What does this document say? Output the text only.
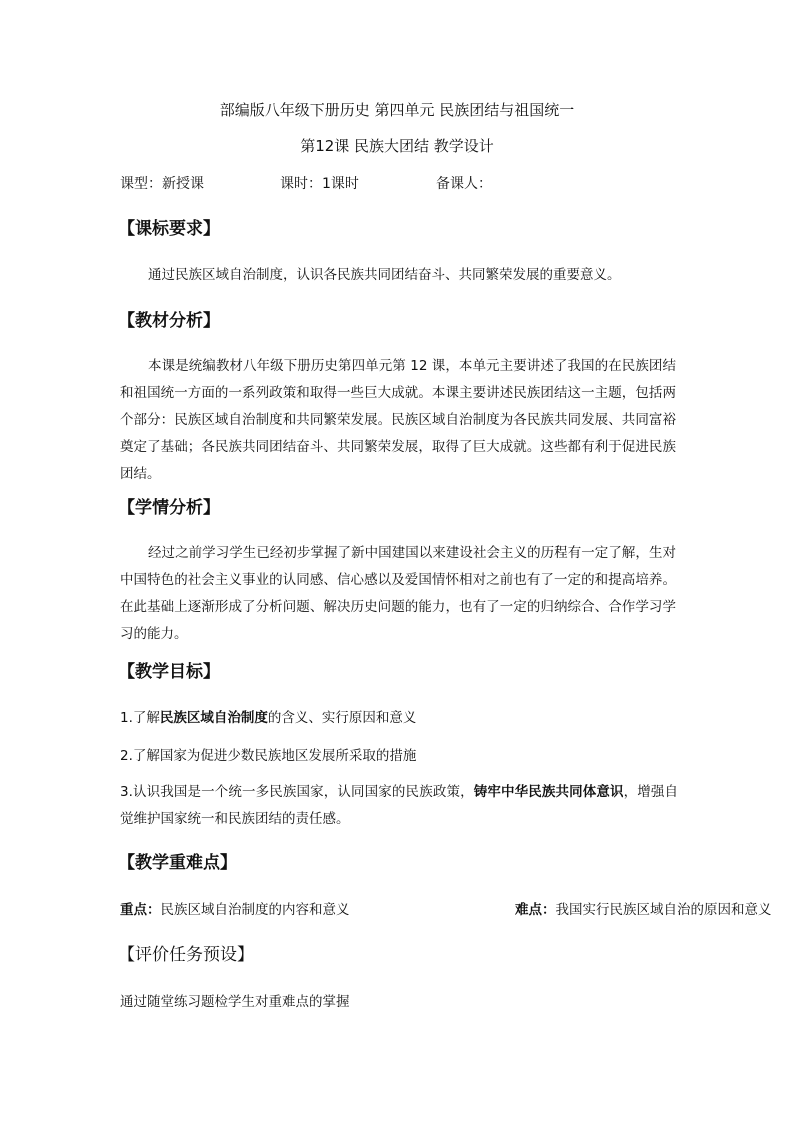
部编版八年级下册历史 第四单元 民族团结与祖国统一
第12课 民族大团结 教学设计
课型：新授课	课时：1课时	备课人：
【课标要求】
通过民族区域自治制度，认识各民族共同团结奋斗、共同繁荣发展的重要意义。
【教材分析】
本课是统编教材八年级下册历史第四单元第 12 课，本单元主要讲述了我国的在民族团结和祖国统一方面的一系列政策和取得一些巨大成就。本课主要讲述民族团结这一主题，包括两个部分：民族区域自治制度和共同繁荣发展。民族区域自治制度为各民族共同发展、共同富裕奠定了基础；各民族共同团结奋斗、共同繁荣发展，取得了巨大成就。这些都有利于促进民族团结。
【学情分析】
经过之前学习学生已经初步掌握了新中国建国以来建设社会主义的历程有一定了解，生对中国特色的社会主义事业的认同感、信心感以及爱国情怀相对之前也有了一定的和提高培养。在此基础上逐渐形成了分析问题、解决历史问题的能力，也有了一定的归纳综合、合作学习学习的能力。
【教学目标】
1.了解民族区域自治制度的含义、实行原因和意义
2.了解国家为促进少数民族地区发展所采取的措施
3.认识我国是一个统一多民族国家，认同国家的民族政策，铸牢中华民族共同体意识，增强自觉维护国家统一和民族团结的责任感。
【教学重难点】
重点：民族区域自治制度的内容和意义	难点：我国实行民族区域自治的原因和意义
【评价任务预设】
通过随堂练习题检学生对重难点的掌握
